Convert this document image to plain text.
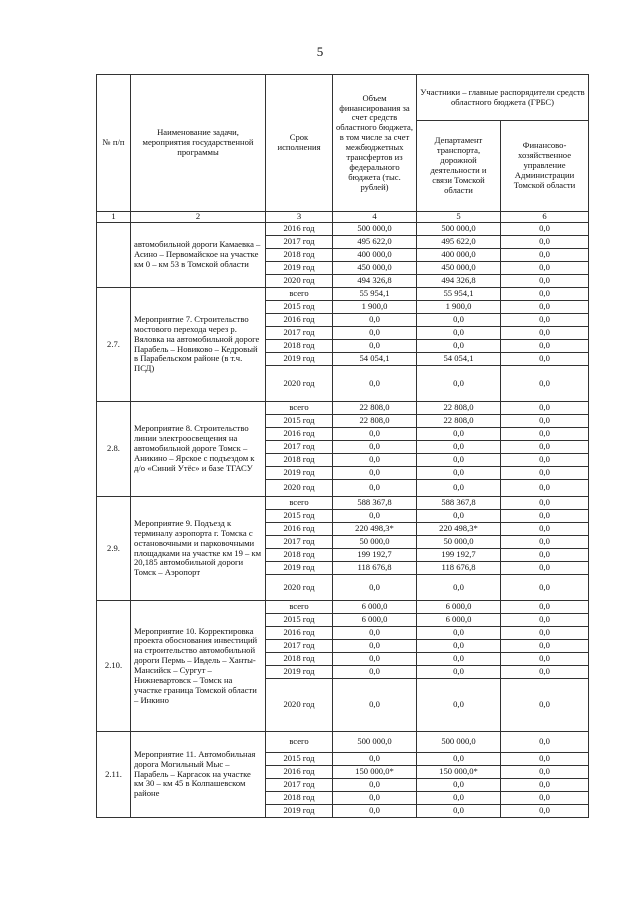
5
№ п/п	Наименование задачи, мероприятия государственной программы	Срок исполнения	Объем финансирования за счет средств областного бюджета, в том числе за счет межбюджетных трансфертов из федерального бюджета (тыс. рублей)	Участники – главные распорядители средств областного бюджета (ГРБС)	
				Департамент транспорта, дорожной деятельности и связи Томской области	Финансово-хозяйственное управление Администрации Томской области
1	2	3	4	5	6
	автомобильной дороги Камаевка – Асино – Первомайское на участке км 0 – км 53 в Томской области	2016 год	500 000,0	500 000,0	0,0
		2017 год	495 622,0	495 622,0	0,0
		2018 год	400 000,0	400 000,0	0,0
		2019 год	450 000,0	450 000,0	0,0
		2020 год	494 326,8	494 326,8	0,0
2.7.	Мероприятие 7. Строительство мостового перехода через р. Вяловка на автомобильной дороге Парабель – Новиково – Кедровый в Парабельском районе (в т.ч. ПСД)	всего	55 954,1	55 954,1	0,0
		2015 год	1 900,0	1 900,0	0,0
		2016 год	0,0	0,0	0,0
		2017 год	0,0	0,0	0,0
		2018 год	0,0	0,0	0,0
		2019 год	54 054,1	54 054,1	0,0
		2020 год	0,0	0,0	0,0
2.8.	Мероприятие 8. Строительство линии электроосвещения на автомобильной дороге Томск – Аникино – Ярское с подъездом к д/о «Синий Утёс» и базе ТГАСУ	всего	22 808,0	22 808,0	0,0
		2015 год	22 808,0	22 808,0	0,0
		2016 год	0,0	0,0	0,0
		2017 год	0,0	0,0	0,0
		2018 год	0,0	0,0	0,0
		2019 год	0,0	0,0	0,0
		2020 год	0,0	0,0	0,0
2.9.	Мероприятие 9. Подъезд к терминалу аэропорта г. Томска с остановочными и парковочными площадками на участке км 19 – км 20,185 автомобильной дороги Томск – Аэропорт	всего	588 367,8	588 367,8	0,0
		2015 год	0,0	0,0	0,0
		2016 год	220 498,3*	220 498,3*	0,0
		2017 год	50 000,0	50 000,0	0,0
		2018 год	199 192,7	199 192,7	0,0
		2019 год	118 676,8	118 676,8	0,0
		2020 год	0,0	0,0	0,0
2.10.	Мероприятие 10. Корректировка проекта обоснования инвестиций на строительство автомобильной дороги Пермь – Ивдель – Ханты-Мансийск – Сургут – Нижневартовск – Томск на участке граница Томской области – Инкино	всего	6 000,0	6 000,0	0,0
		2015 год	6 000,0	6 000,0	0,0
		2016 год	0,0	0,0	0,0
		2017 год	0,0	0,0	0,0
		2018 год	0,0	0,0	0,0
		2019 год	0,0	0,0	0,0
		2020 год	0,0	0,0	0,0
2.11.	Мероприятие 11. Автомобильная дорога Могильный Мыс – Парабель – Каргасок на участке км 30 – км 45 в Колпашевском районе	всего	500 000,0	500 000,0	0,0
		2015 год	0,0	0,0	0,0
		2016 год	150 000,0*	150 000,0*	0,0
		2017 год	0,0	0,0	0,0
		2018 год	0,0	0,0	0,0
		2019 год	0,0	0,0	0,0
